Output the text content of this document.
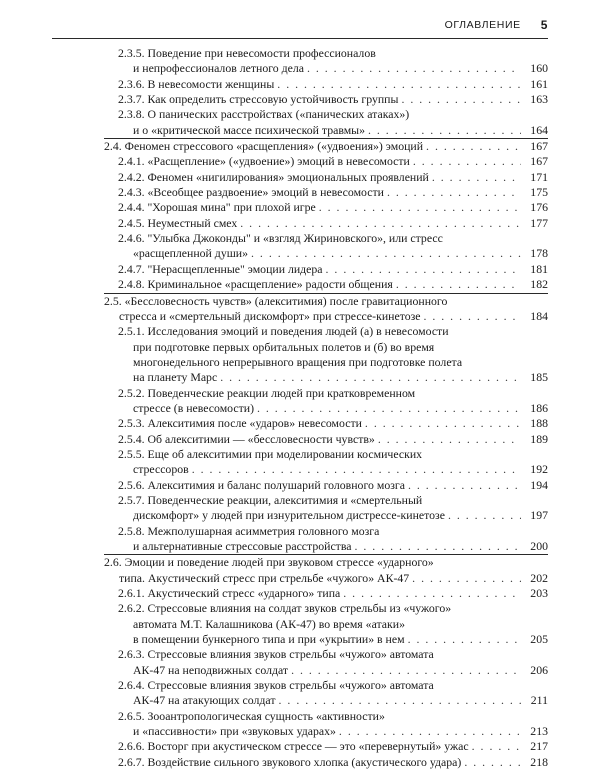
ОГЛАВЛЕНИЕ 5
2.3.5. Поведение при невесомости профессионалов
и непрофессионалов летного дела . . .	160
2.3.6. В невесомости женщины . . .	161
2.3.7. Как определить стрессовую устойчивость группы . . .	163
2.3.8. О панических расстройствах («панических атаках»)
и о «критической массе психической травмы» . . .	164
2.4. Феномен стрессового «расщепления» («удвоения») эмоций . . .	167
2.4.1. «Расщепление» («удвоение») эмоций в невесомости . . .	167
2.4.2. Феномен «нигилирования» эмоциональных проявлений . . .	171
2.4.3. «Всеобщее раздвоение» эмоций в невесомости . . .	175
2.4.4. "Хорошая мина" при плохой игре . . .	176
2.4.5. Неуместный смех . . .	177
2.4.6. "Улыбка Джоконды" и «взгляд Жириновского», или стресс
«расщепленной души» . . .	178
2.4.7. "Нерасщепленные" эмоции лидера . . .	181
2.4.8. Криминальное «расщепление» радости общения . . .	182
2.5. «Бессловесность чувств» (алекситимия) после гравитационного
стресса и «смертельный дискомфорт» при стрессе-кинетозе . . .	184
2.5.1. Исследования эмоций и поведения людей (а) в невесомости
при подготовке первых орбитальных полетов и (б) во время
многонедельного непрерывного вращения при подготовке полета
на планету Марс . . .	185
2.5.2. Поведенческие реакции людей при кратковременном
стрессе (в невесомости) . . .	186
2.5.3. Алекситимия после «ударов» невесомости . . .	188
2.5.4. Об алекситимии — «бессловесности чувств» . . .	189
2.5.5. Еще об алекситимии при моделировании космических
стрессоров . . .	192
2.5.6. Алекситимия и баланс полушарий головного мозга . . .	194
2.5.7. Поведенческие реакции, алекситимия и «смертельный
дискомфорт» у людей при изнурительном дистрессе-кинетозе . . .	197
2.5.8. Межполушарная асимметрия головного мозга
и альтернативные стрессовые расстройства . . .	200
2.6. Эмоции и поведение людей при звуковом стрессе «ударного»
типа. Акустический стресс при стрельбе «чужого» АК-47 . . .	202
2.6.1. Акустический стресс «ударного» типа . . .	203
2.6.2. Стрессовые влияния на солдат звуков стрельбы из «чужого»
автомата М.Т. Калашникова (АК-47) во время «атаки»
в помещении бункерного типа и при «укрытии» в нем . . .	205
2.6.3. Стрессовые влияния звуков стрельбы «чужого» автомата
АК-47 на неподвижных солдат . . .	206
2.6.4. Стрессовые влияния звуков стрельбы «чужого» автомата
АК-47 на атакующих солдат . . .	211
2.6.5. Зооантропологическая сущность «активности»
и «пассивности» при «звуковых ударах» . . .	213
2.6.6. Восторг при акустическом стрессе — это «перевернутый» ужас . . .	217
2.6.7. Воздействие сильного звукового хлопка (акустического удара) . . .	218
